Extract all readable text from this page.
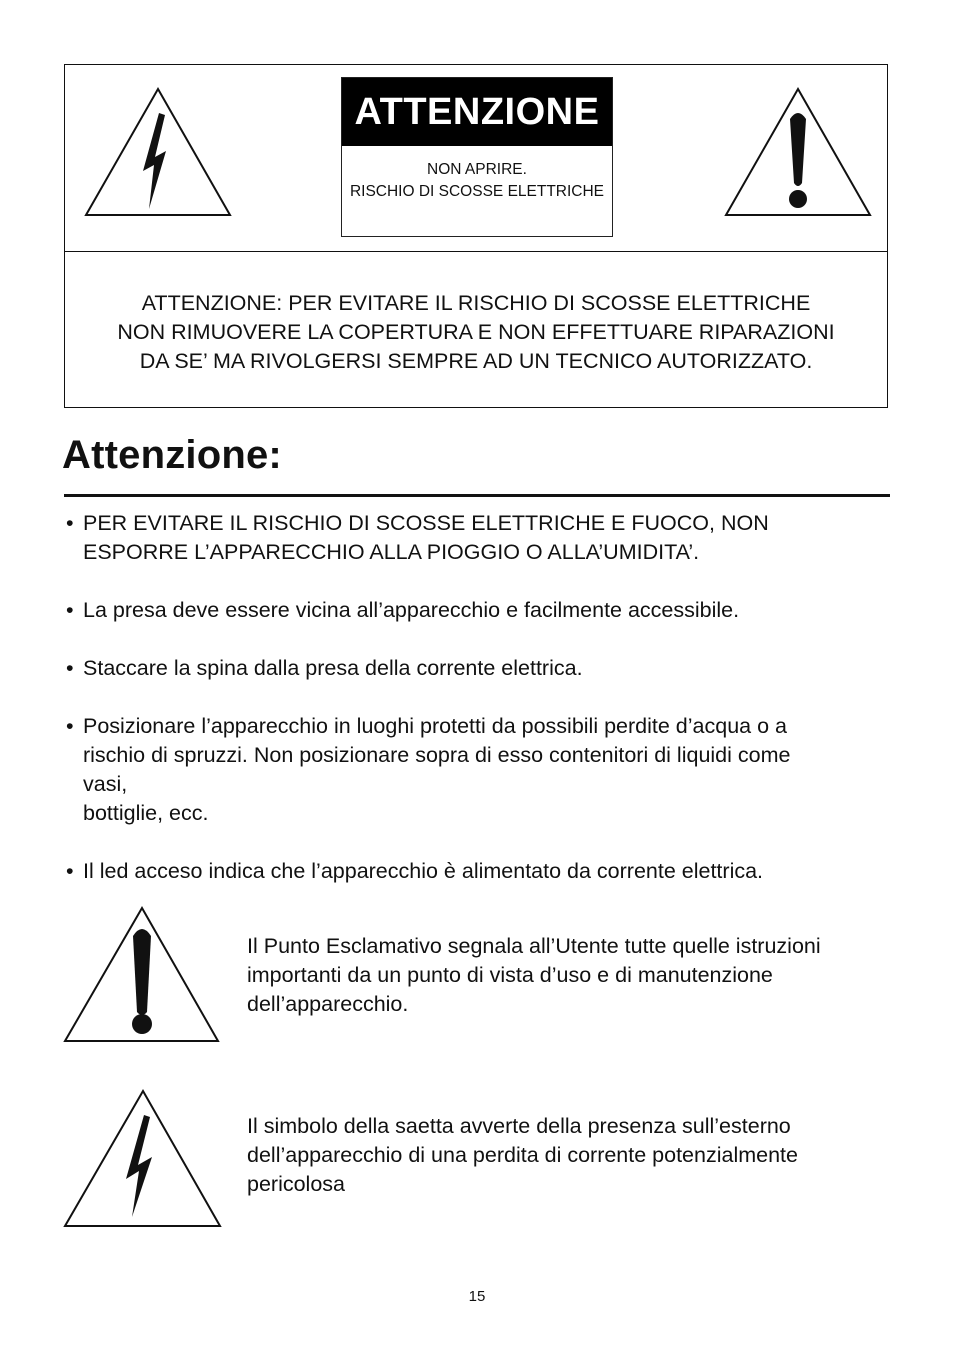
ATTENZIONE
NON APRIRE.
RISCHIO DI SCOSSE ELETTRICHE
ATTENZIONE: PER EVITARE IL RISCHIO DI SCOSSE ELETTRICHE
NON RIMUOVERE LA COPERTURA E NON EFFETTUARE RIPARAZIONI
DA SE’ MA RIVOLGERSI SEMPRE AD UN TECNICO AUTORIZZATO.
Attenzione:
• PER EVITARE IL RISCHIO DI SCOSSE ELETTRICHE E FUOCO, NON
ESPORRE L’APPARECCHIO ALLA PIOGGIO O ALLA’UMIDITA’.
• La presa deve essere vicina all’apparecchio e facilmente accessibile.
• Staccare la spina dalla presa della corrente elettrica.
• Posizionare l’apparecchio in luoghi protetti da possibili perdite d’acqua o a
rischio di spruzzi. Non posizionare sopra di esso contenitori di liquidi come
vasi,
bottiglie, ecc.
• Il led acceso indica che l’apparecchio è alimentato da corrente elettrica.
Il Punto Esclamativo segnala all’Utente tutte quelle istruzioni
importanti da un punto di vista d’uso e di manutenzione
dell’apparecchio.
Il simbolo della saetta avverte della presenza sull’esterno
dell’apparecchio di una perdita di corrente potenzialmente
pericolosa
15
